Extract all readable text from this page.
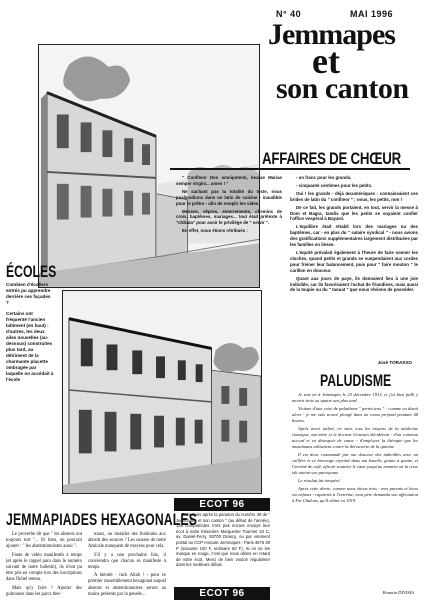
N° 40	MAI 1996
Jemmapes
et
son canton
AFFAIRES DE CHŒUR

" Confiteor Deo omnipotenti, beatae Mariae semper virgini... amen ! "

Ne sachant pas la totalité du texte, nous psalmodions dans un latin de cuisine - inaudible pour le prêtre - afin de remplir les vides.

Messes, vêpres, enterrements, chemins de croix, baptêmes, mariages... tout était prétexte à "chikaïa" pour avoir le privilège de " servir ".

En effet, nous étions rétribués :

- un franc pour les grands,

- cinquante centimes pour les petits.

Oui ! les grands - déjà œcuméniques - connaissaient ces brides de latin du " confiteor " ; nous, les petits, non !

De ce fait, les grands portaient, en tout, servir la messe à Dom et Bagra, tandis que les petits se voyaient confier l'office vespéral à Bayard.

L'équilibre était rétabli lors des mariages ou des baptêmes, car - en plus du " salaire syndical " - nous avions des gratifications supplémentaires largement distribuées par les familles en liesse.

L'équité prévalait également à l'heure de faire sonner les cloches, quand petits et grands se suspendaient aux cordes pour freiner leur balancement, puis pour " faire mouton " le carillon en douceur.

Quant aux jours de paye, ils donnaient lieu à une joie indicible, car ils favorisaient l'achat de friandises, mais aussi de la toupie ou du " taouat " que nous rêvions de posséder.

José TORASSO
ÉCOLES

Combien d'écoliers entrés pu apprendre derrière ces façades ?

Certains ont fréquenté l'ancien bâtiment (en haut) : d'autres, les deux ailes nouvelles (au-dessous) construites plus tard, au détriment de la charmante placette ombragée par laquelle on accédait à l'école	PALUDISME

Je suis né à Jemmapes le 23 décembre 1913, et j'ai bien failli y mourir trois ou quatre ans plus tard.

Victime d'une crise de paludisme " pernicieux " - comme on disait alors - je me suis trouvé plongé dans un coma profond pendant 48 heures.

Après avoir utilisé, en vain, tous les moyens de la médecine classique, ma mère et le docteur Gouvain décidèrent - d'un commun accord et en désespoir de cause - d'employer la thérapie que les musulmans utilisaient contre la découverte de la quinine.

Il est donc commandé par ma douceur des indicibles avec un cuillère et ce breuvage exprimé dans ma bouche, goutte à goutte, et l'acrimé de café, afin de soutenir le cœur jusqu'au moment où la crise eût atteint son paroxysme.

Le résultat fut inespéré.

Après cette alerte, comme nous étions trois - mes parents et leurs six enfants - rapatriés à l'extrême, mon père demanda son affectation à Fat Chalons, qu'il obtint en 1919.

Romain DIVISIA
ECOT 96

Trois mois après la parution du numéro 39 de " Jemmapes et son canton " (au début de l'année), 126 compatriotes n'ont pas encore envoyé leur écot à notre trésorière Marguerite Tournier 34 C, av. Daniel-Ferry, 93700 Drancy, ou par virement postal au CCP Amicale Jemmapes - Paris 4676 29 P (soixante 100 F, ordinaire 60 F). Si on ne les marque en rouge, c'est que nous allons en retard de votre écot. Merci de bien vouloir régulariser dans les meilleurs délais.

ECOT 96
JEMMAPIADES HEXAGONALES

Le proverbe dit que " les absents ont toujours tort "... Et bien, on pourrait ajouter : " les abstentionnistes aussi ".

Faute de vidéo manifestés à temps (et après le rappel paru dans le numéro suivant de notre bulletin), ils n'ont pu être pris en compte lors des inscriptions dans l'hôtel retenu.

Mais qu'y faire ? Ajouter des guitounes dans les parcs ther-

maux, ou installer des fondouks aux abords des sources ? Les oaisses de notre Amicale manquent de moyens pour cela.

S'il y a une prochaine fois, il conviendra que chacun se manifeste à temps.

A bientôt - inch Allah ! - pour ce premier rassemblement hexagonal auquel absents et abstentionnistes seront au moins présents par la pensée...
